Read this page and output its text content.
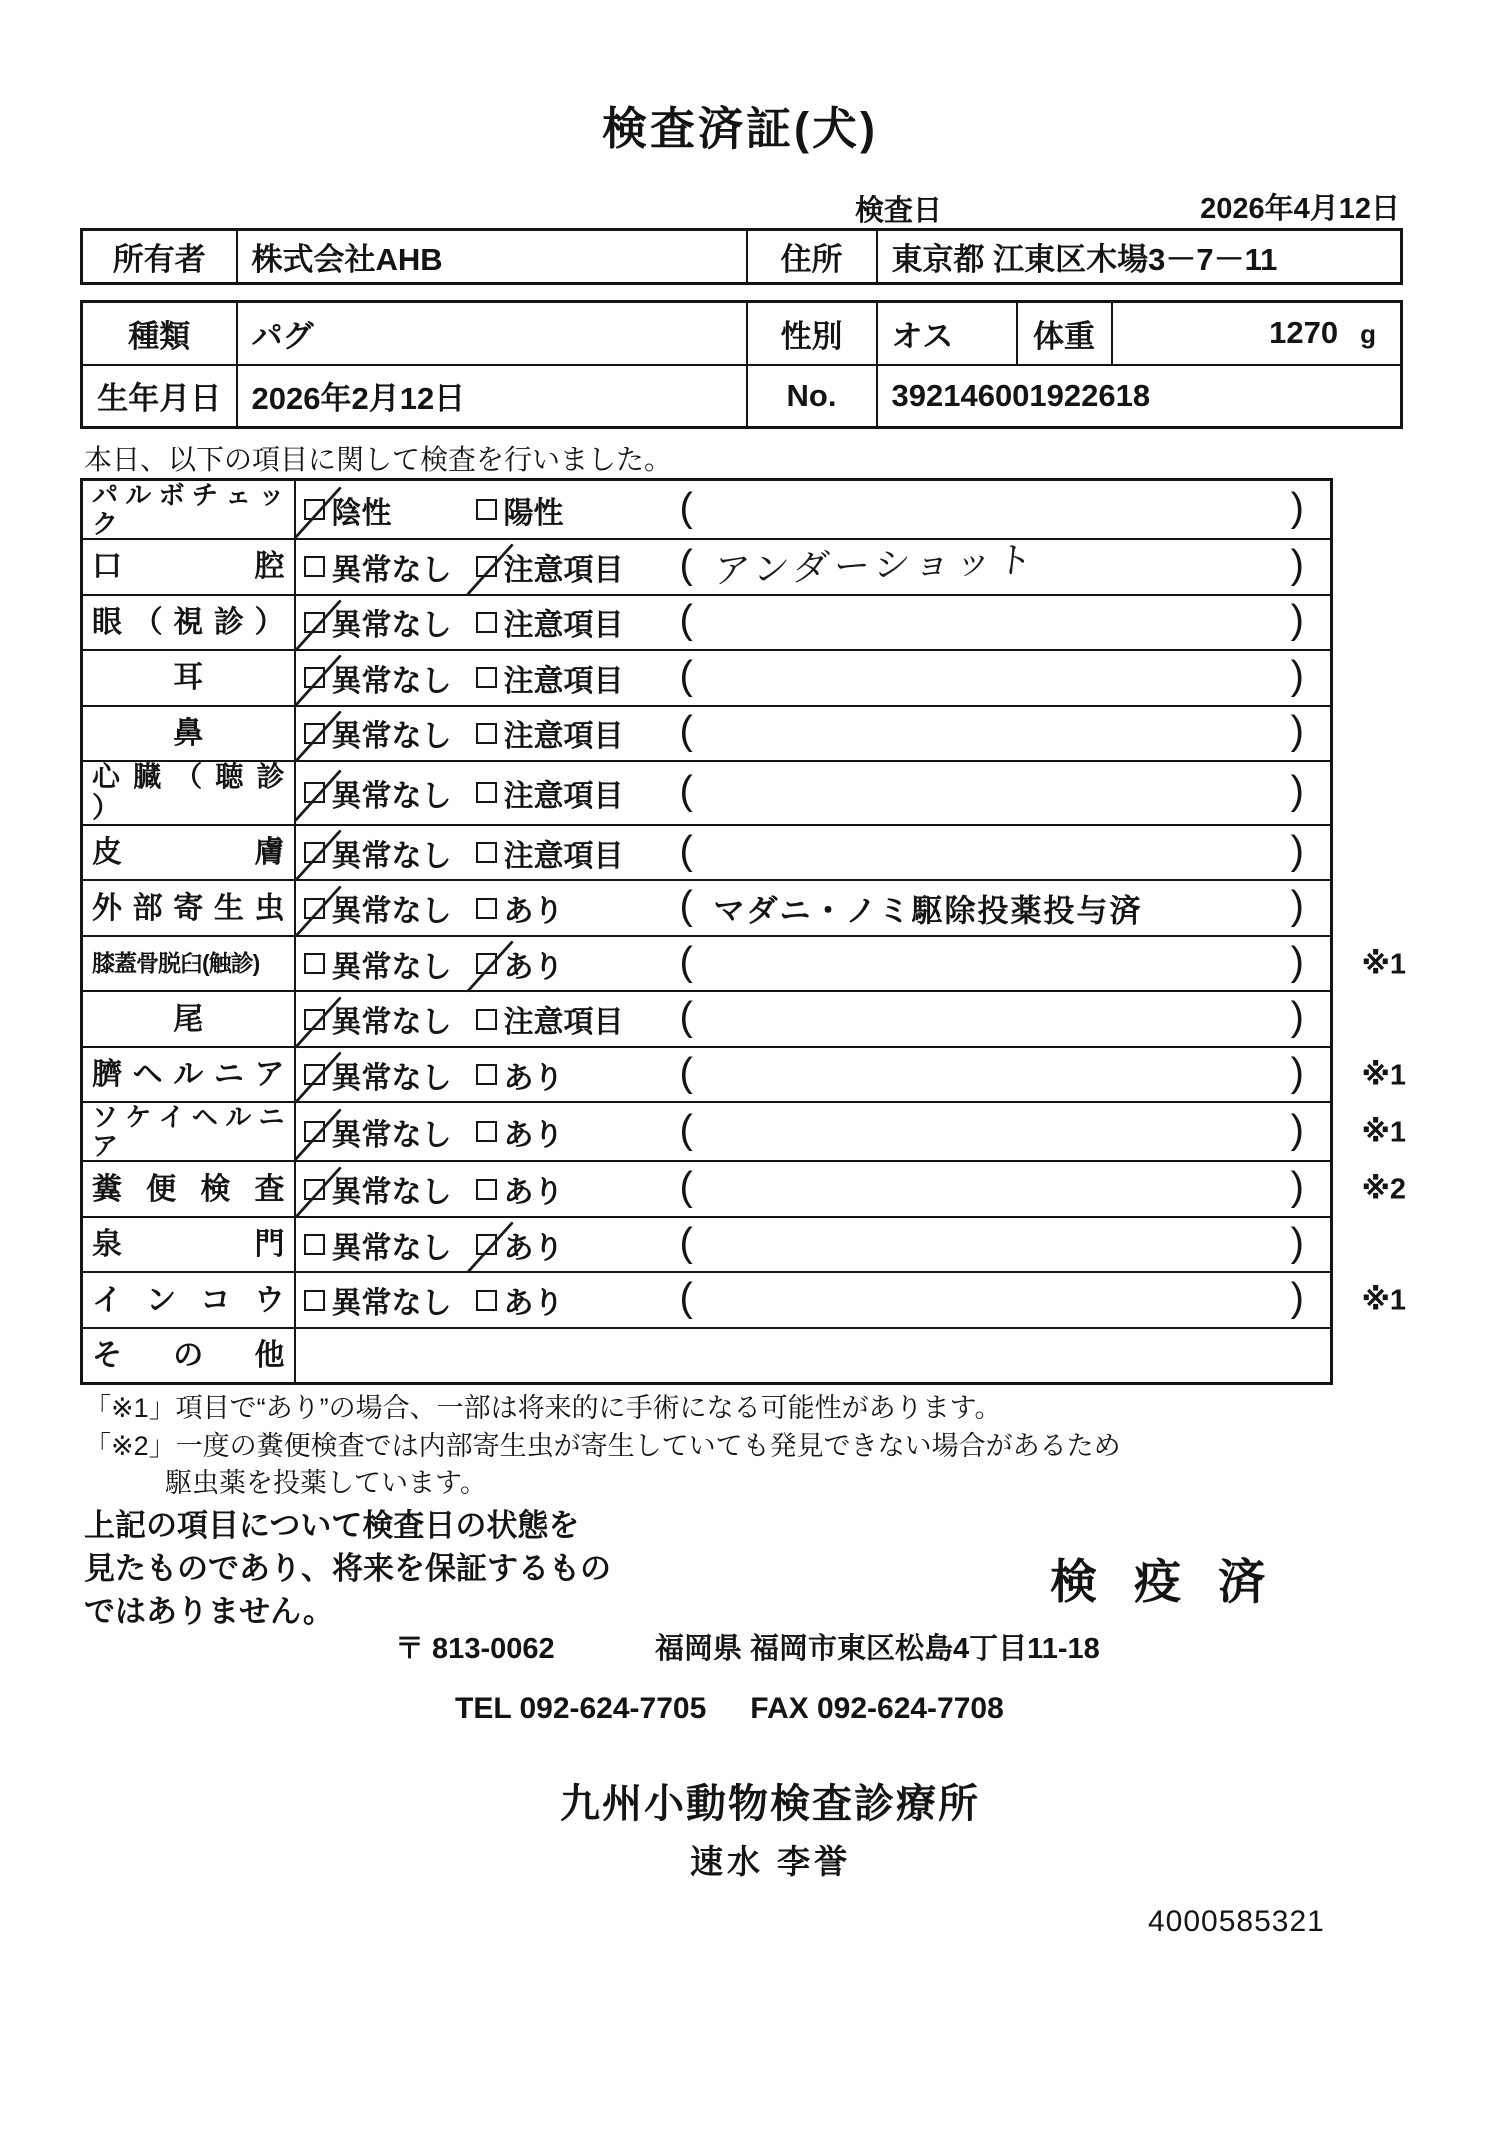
検査済証(犬)
検査日	2026年4月12日
所有者	株式会社AHB	住所	東京都 江東区木場3－7－11
種類	パグ	性別	オス	体重	1270 g

生年月日	2026年2月12日	No.	392146001922618		
本日、以下の項目に関して検査を行いました。
パ ル ボ チ ェ ッ ク	陰性 陽性 ( )

口 腔	異常なし 注意項目 ( アンダーショット )

眼 （ 視 診 ）	異常なし 注意項目 ( )

耳	異常なし 注意項目 ( )

鼻	異常なし 注意項目 ( )

心 臓 （ 聴 診 ）	異常なし 注意項目 ( )

皮 膚	異常なし 注意項目 ( )

外 部 寄 生 虫	異常なし あり ( マダニ・ノミ駆除投薬投与済 )

膝蓋骨脱臼(触診)	異常なし あり ( ) ※1

尾	異常なし 注意項目 ( )

臍 ヘ ル ニ ア	異常なし あり ( ) ※1

ソ ケ イ ヘ ル ニ ア	異常なし あり ( ) ※1

糞 便 検 査	異常なし あり ( ) ※2

泉 門	異常なし あり ( )

イ ン コ ウ	異常なし あり ( ) ※1

そ の 他	

「※1」項目で“あり”の場合、一部は将来的に手術になる可能性があります。
「※2」一度の糞便検査では内部寄生虫が寄生していても発見できない場合があるため
駆虫薬を投薬しています。
上記の項目について検査日の状態を
見たものであり、将来を保証するもの
ではありません。
検 疫 済
〒 813-0062	福岡県 福岡市東区松島4丁目11-18
TEL 092-624-7705 FAX 092-624-7708
九州小動物検査診療所
速水 李誉
4000585321
